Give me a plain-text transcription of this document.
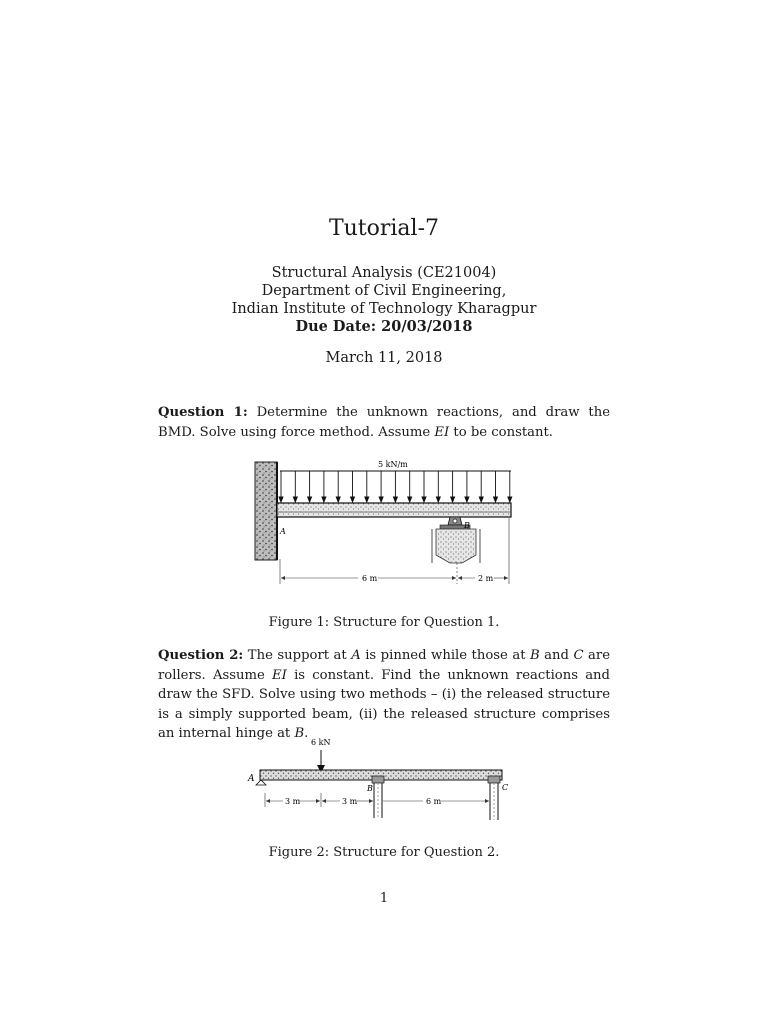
Tutorial-7
Structural Analysis (CE21004)
Department of Civil Engineering,
Indian Institute of Technology Kharagpur
Due Date: 20/03/2018
March 11, 2018
Question 1: Determine the unknown reactions, and draw the BMD. Solve using force method. Assume EI to be constant.
5 kN/m
A
B
6 m	2 m
Figure 1: Structure for Question 1.
Question 2: The support at A is pinned while those at B and C are rollers. Assume EI is constant. Find the unknown reactions and draw the SFD. Solve using two methods – (i) the released structure is a simply supported beam, (ii) the released structure comprises an internal hinge at B.
6 kN
A
B	C
3 m	3 m	6 m
Figure 2: Structure for Question 2.
1
